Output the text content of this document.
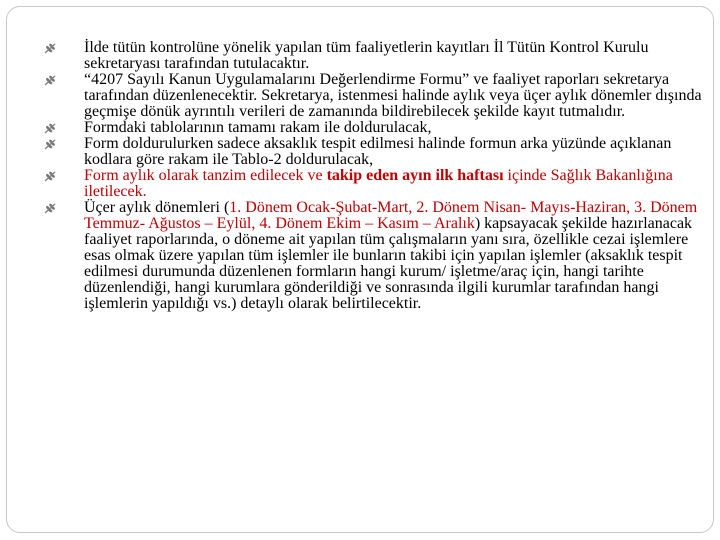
İlde tütün kontrolüne yönelik yapılan tüm faaliyetlerin kayıtları İl Tütün Kontrol Kurulu sekretaryası tarafından tutulacaktır.

“4207 Sayılı Kanun Uygulamalarını Değerlendirme Formu” ve faaliyet raporları sekretarya tarafından düzenlenecektir. Sekretarya, istenmesi halinde aylık veya üçer aylık dönemler dışında geçmişe dönük ayrıntılı verileri de zamanında bildirebilecek şekilde kayıt tutmalıdır.

Formdaki tablolarının tamamı rakam ile doldurulacak,

Form doldurulurken sadece aksaklık tespit edilmesi halinde formun arka yüzünde açıklanan kodlara göre rakam ile Tablo-2 doldurulacak,

Form aylık olarak tanzim edilecek ve takip eden ayın ilk haftası içinde Sağlık Bakanlığına iletilecek.

Üçer aylık dönemleri (1. Dönem Ocak-Şubat-Mart, 2. Dönem Nisan- Mayıs-Haziran, 3. Dönem Temmuz- Ağustos – Eylül, 4. Dönem Ekim – Kasım – Aralık) kapsayacak şekilde hazırlanacak faaliyet raporlarında, o döneme ait yapılan tüm çalışmaların yanı sıra, özellikle cezai işlemlere esas olmak üzere yapılan tüm işlemler ile bunların takibi için yapılan işlemler (aksaklık tespit edilmesi durumunda düzenlenen formların hangi kurum/ işletme/araç için, hangi tarihte düzenlendiği, hangi kurumlara gönderildiği ve sonrasında ilgili kurumlar tarafından hangi işlemlerin yapıldığı vs.) detaylı olarak belirtilecektir.
